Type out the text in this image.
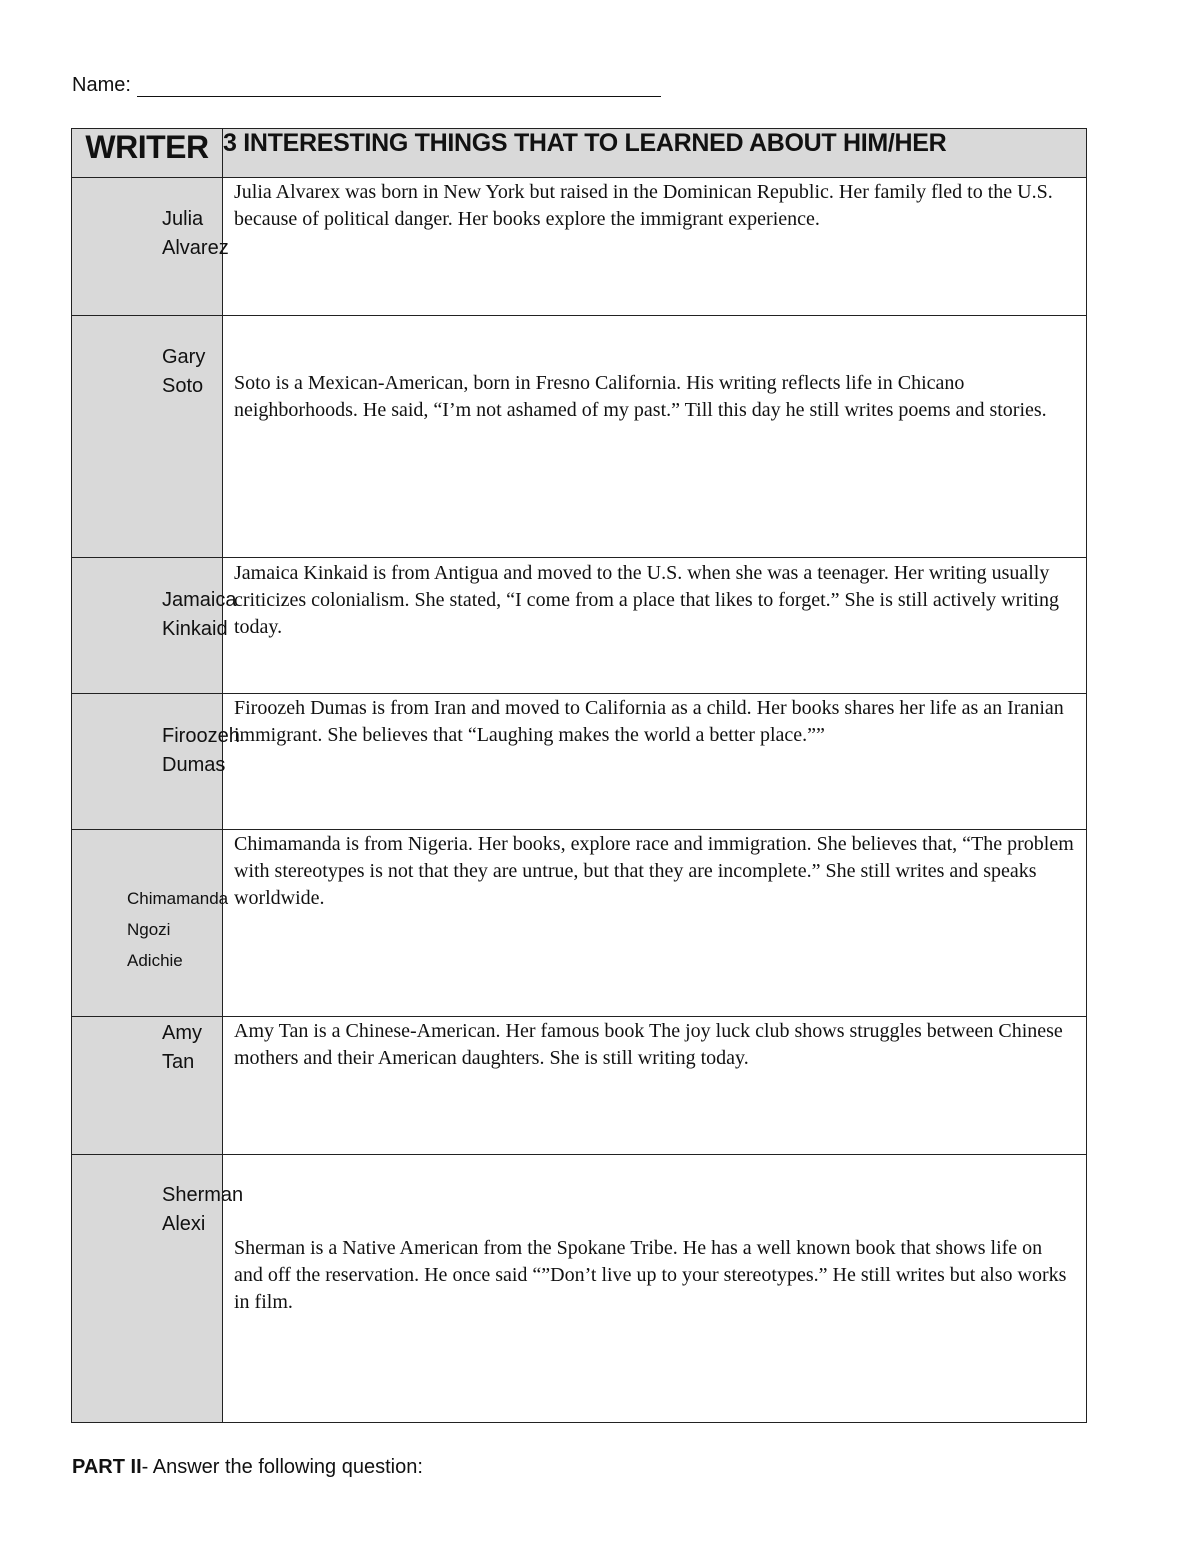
Name:
WRITER	3 INTERESTING THINGS THAT TO LEARNED ABOUT HIM/HER

Julia
Alvarez	Julia Alvarex was born in New York but raised in the Dominican Republic. Her family fled to the U.S. because of political danger. Her books explore the immigrant experience.

Gary Soto	Soto is a Mexican-American, born in Fresno California. His writing reflects life in Chicano neighborhoods. He said, “I’m not ashamed of my past.” Till this day he still writes poems and stories.

Jamaica
Kinkaid	Jamaica Kinkaid is from Antigua and moved to the U.S. when she was a teenager. Her writing usually criticizes colonialism. She stated, “I come from a place that likes to forget.” She is still actively writing today.

Firoozeh
Dumas	Firoozeh Dumas is from Iran and moved to California as a child. Her books shares her life as an Iranian immigrant. She believes that “Laughing makes the world a better place.””

Chimamanda
Ngozi Adichie	Chimamanda is from Nigeria. Her books, explore race and immigration. She believes that, “The problem with stereotypes is not that they are untrue, but that they are incomplete.” She still writes and speaks worldwide.

Amy
Tan	Amy Tan is a Chinese-American. Her famous book The joy luck club shows struggles between Chinese mothers and their American daughters. She is still writing today.

Sherman
Alexi	Sherman is a Native American from the Spokane Tribe. He has a well known book that shows life on and off the reservation. He once said “”Don’t live up to your stereotypes.” He still writes but also works in film.
PART II- Answer the following question:
